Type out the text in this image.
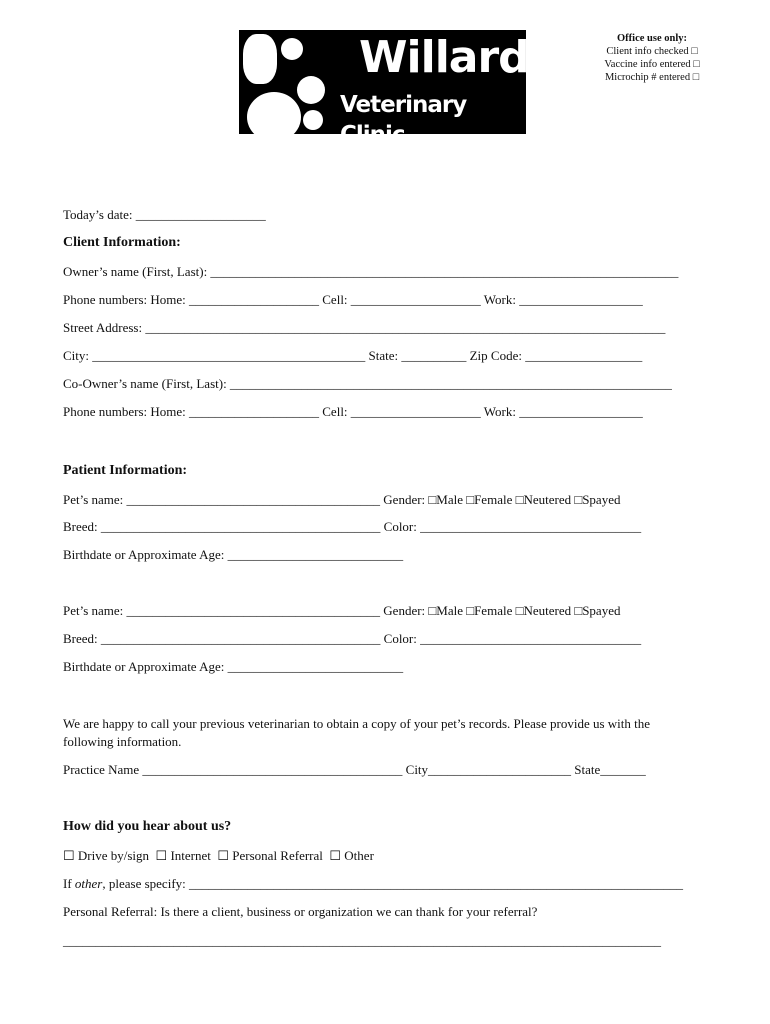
Willard
Veterinary Clinic
Office use only:
Client info checked □
Vaccine info entered □
Microchip # entered □
Today’s date: ____________________
Client Information:
Owner’s name (First, Last): ________________________________________________________________________
Phone numbers: Home: ____________________ Cell: ____________________ Work: ___________________
Street Address: ________________________________________________________________________________
City: __________________________________________ State: __________ Zip Code: __________________
Co-Owner’s name (First, Last): ____________________________________________________________________
Phone numbers: Home: ____________________ Cell: ____________________ Work: ___________________
Patient Information:
Pet’s name: _______________________________________ Gender: □Male □Female □Neutered □Spayed
Breed: ___________________________________________ Color: __________________________________
Birthdate or Approximate Age: ___________________________
Pet’s name: _______________________________________ Gender: □Male □Female □Neutered □Spayed
Breed: ___________________________________________ Color: __________________________________
Birthdate or Approximate Age: ___________________________
We are happy to call your previous veterinarian to obtain a copy of your pet’s records. Please provide us with the
following information.
Practice Name ________________________________________ City______________________ State_______
How did you hear about us?
☐ Drive by/sign ☐ Internet ☐ Personal Referral ☐ Other
If other, please specify: ____________________________________________________________________________
Personal Referral: Is there a client, business or organization we can thank for your referral?
____________________________________________________________________________________________
